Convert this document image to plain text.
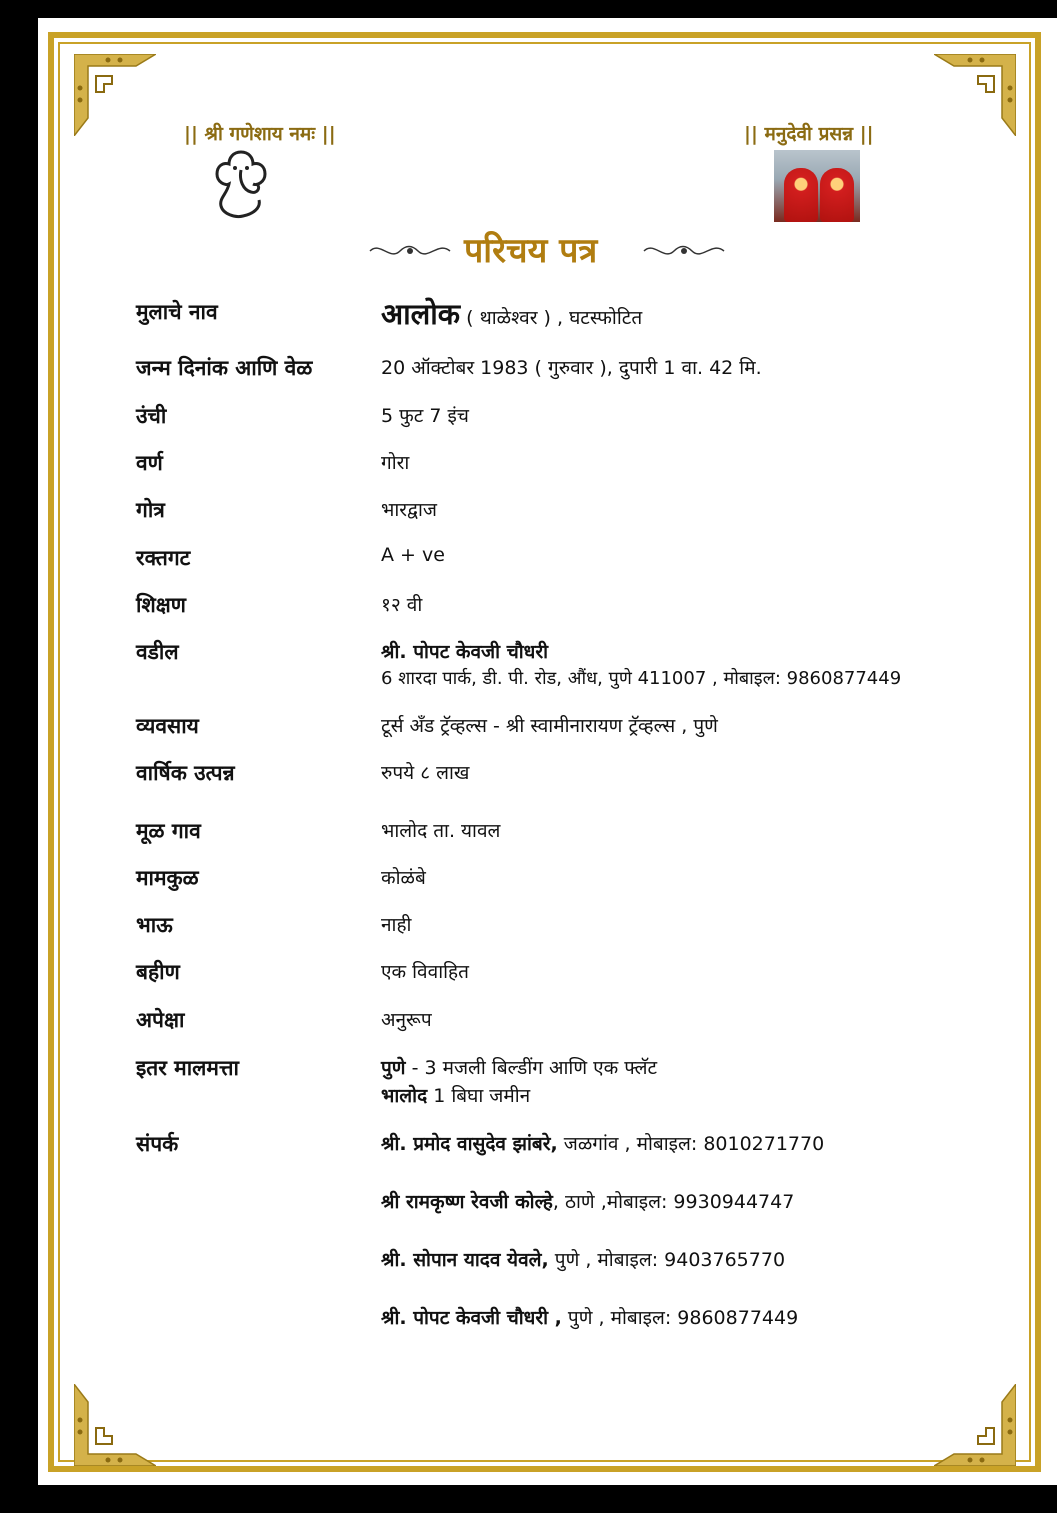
|| श्री गणेशाय नमः ||	|| मनुदेवी प्रसन्न ||
परिचय पत्र
मुलाचे नाव	आलोक ( थाळेश्वर ) , घटस्फोटित
जन्म दिनांक आणि वेळ	20 ऑक्टोबर 1983 ( गुरुवार ), दुपारी 1 वा. 42 मि.
उंची	5 फुट 7 इंच
वर्ण	गोरा
गोत्र	भारद्वाज
रक्तगट	A + ve
शिक्षण	१२ वी
वडील	श्री. पोपट केवजी चौधरी
6 शारदा पार्क, डी. पी. रोड, औंध, पुणे 411007 , मोबाइल: 9860877449
व्यवसाय	टूर्स अँड ट्रॅव्हल्स - श्री स्वामीनारायण ट्रॅव्हल्स , पुणे
वार्षिक उत्पन्न	रुपये ८ लाख
मूळ गाव	भालोद ता. यावल
मामकुळ	कोळंबे
भाऊ	नाही
बहीण	एक विवाहित
अपेक्षा	अनुरूप
इतर मालमत्ता	पुणे - 3 मजली बिल्डींग आणि एक फ्लॅट
भालोद 1 बिघा जमीन
संपर्क	श्री. प्रमोद वासुदेव झांबरे, जळगांव , मोबाइल: 8010271770
श्री रामकृष्ण रेवजी कोल्हे, ठाणे ,मोबाइल: 9930944747
श्री. सोपान यादव येवले, पुणे , मोबाइल: 9403765770
श्री. पोपट केवजी चौधरी , पुणे , मोबाइल: 9860877449
